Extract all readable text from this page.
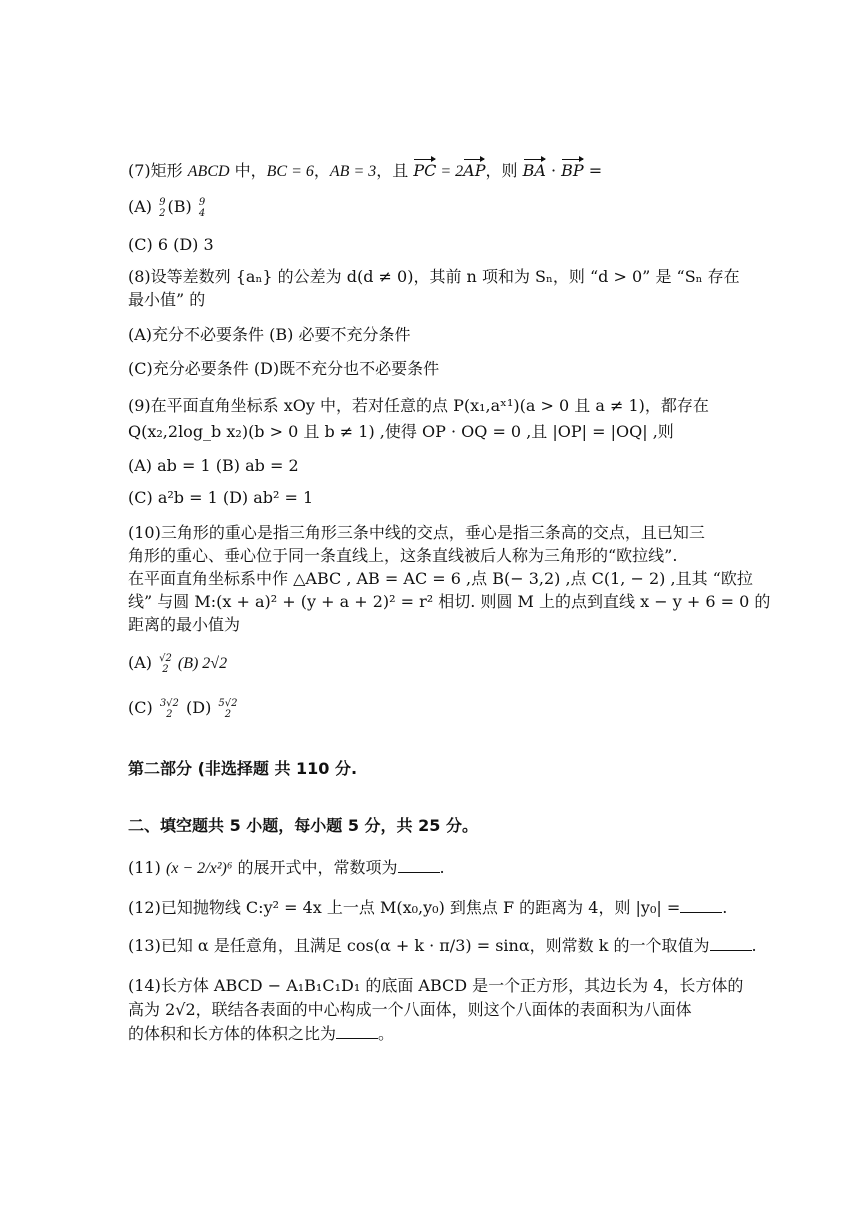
(7)矩形 ABCD 中，BC = 6，AB = 3，且 PC = 2AP，则 BA · BP =
(A) 9
2 (B) 9
4
(C) 6 (D) 3
(8)设等差数列 {aₙ} 的公差为 d(d ≠ 0)，其前 n 项和为 Sₙ，则 “d > 0” 是 “Sₙ 存在
最小值” 的
(A)充分不必要条件 (B) 必要不充分条件
(C)充分必要条件 (D)既不充分也不必要条件
(9)在平面直角坐标系 xOy 中，若对任意的点 P(x₁,aˣ¹)(a > 0 且 a ≠ 1)，都存在
Q(x₂,2log_b x₂)(b > 0 且 b ≠ 1) ,使得 OP · OQ = 0 ,且 |OP| = |OQ| ,则
(A) ab = 1 (B) ab = 2
(C) a²b = 1 (D) ab² = 1
(10)三角形的重心是指三角形三条中线的交点，垂心是指三条高的交点，且已知三
角形的重心、垂心位于同一条直线上，这条直线被后人称为三角形的“欧拉线”.
在平面直角坐标系中作 △ABC , AB = AC = 6 ,点 B(− 3,2) ,点 C(1, − 2) ,且其 “欧拉
线” 与圆 M:(x + a)² + (y + a + 2)² = r² 相切. 则圆 M 上的点到直线 x − y + 6 = 0 的
距离的最小值为
(A) √2
2 (B) 2√2
(C) 3√2
2 (D) 5√2
2
第二部分 (非选择题 共 110 分.
二、填空题共 5 小题，每小题 5 分，共 25 分。
(11) (x − 2/x²)⁶ 的展开式中，常数项为	.
(12)已知抛物线 C:y² = 4x 上一点 M(x₀,y₀) 到焦点 F 的距离为 4，则 |y₀| =	.
(13)已知 α 是任意角，且满足 cos(α + k · π/3) = sinα，则常数 k 的一个取值为	.
(14)长方体 ABCD − A₁B₁C₁D₁ 的底面 ABCD 是一个正方形，其边长为 4，长方体的
高为 2√2，联结各表面的中心构成一个八面体，则这个八面体的表面积为八面体
的体积和长方体的体积之比为	。
